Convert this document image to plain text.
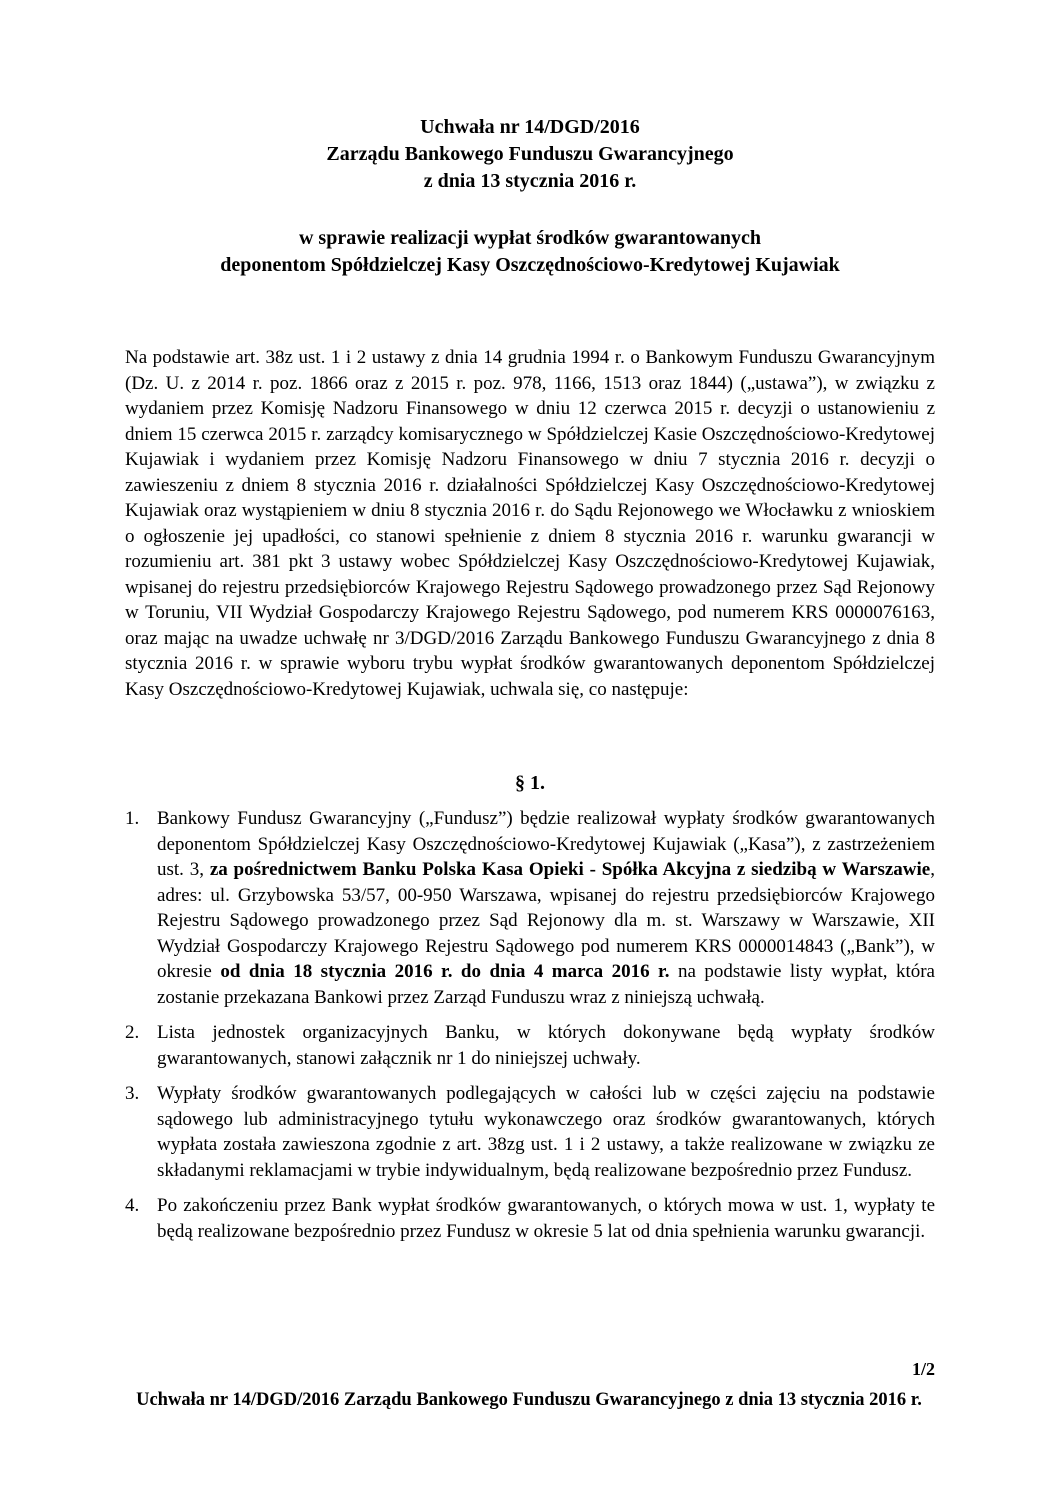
Uchwała nr 14/DGD/2016
Zarządu Bankowego Funduszu Gwarancyjnego
z dnia 13 stycznia 2016 r.
w sprawie realizacji wypłat środków gwarantowanych
deponentom Spółdzielczej Kasy Oszczędnościowo-Kredytowej Kujawiak

Na podstawie art. 38z ust. 1 i 2 ustawy z dnia 14 grudnia 1994 r. o Bankowym Funduszu Gwarancyjnym (Dz. U. z 2014 r. poz. 1866 oraz z 2015 r. poz. 978, 1166, 1513 oraz 1844) („ustawa”), w związku z wydaniem przez Komisję Nadzoru Finansowego w dniu 12 czerwca 2015 r. decyzji o ustanowieniu z dniem 15 czerwca 2015 r. zarządcy komisarycznego w Spółdzielczej Kasie Oszczędnościowo-Kredytowej Kujawiak i wydaniem przez Komisję Nadzoru Finansowego w dniu 7 stycznia 2016 r. decyzji o zawieszeniu z dniem 8 stycznia 2016 r. działalności Spółdzielczej Kasy Oszczędnościowo-Kredytowej Kujawiak oraz wystąpieniem w dniu 8 stycznia 2016 r. do Sądu Rejonowego we Włocławku z wnioskiem o ogłoszenie jej upadłości, co stanowi spełnienie z dniem 8 stycznia 2016 r. warunku gwarancji w rozumieniu art. 381 pkt 3 ustawy wobec Spółdzielczej Kasy Oszczędnościowo-Kredytowej Kujawiak, wpisanej do rejestru przedsiębiorców Krajowego Rejestru Sądowego prowadzonego przez Sąd Rejonowy w Toruniu, VII Wydział Gospodarczy Krajowego Rejestru Sądowego, pod numerem KRS 0000076163, oraz mając na uwadze uchwałę nr 3/DGD/2016 Zarządu Bankowego Funduszu Gwarancyjnego z dnia 8 stycznia 2016 r. w sprawie wyboru trybu wypłat środków gwarantowanych deponentom Spółdzielczej Kasy Oszczędnościowo-Kredytowej Kujawiak, uchwala się, co następuje:

§ 1.
1. Bankowy Fundusz Gwarancyjny („Fundusz”) będzie realizował wypłaty środków gwarantowanych deponentom Spółdzielczej Kasy Oszczędnościowo-Kredytowej Kujawiak („Kasa”), z zastrzeżeniem ust. 3, za pośrednictwem Banku Polska Kasa Opieki - Spółka Akcyjna z siedzibą w Warszawie, adres: ul. Grzybowska 53/57, 00-950 Warszawa, wpisanej do rejestru przedsiębiorców Krajowego Rejestru Sądowego prowadzonego przez Sąd Rejonowy dla m. st. Warszawy w Warszawie, XII Wydział Gospodarczy Krajowego Rejestru Sądowego pod numerem KRS 0000014843 („Bank”), w okresie od dnia 18 stycznia 2016 r. do dnia 4 marca 2016 r. na podstawie listy wypłat, która zostanie przekazana Bankowi przez Zarząd Funduszu wraz z niniejszą uchwałą.
2. Lista jednostek organizacyjnych Banku, w których dokonywane będą wypłaty środków gwarantowanych, stanowi załącznik nr 1 do niniejszej uchwały.
3. Wypłaty środków gwarantowanych podlegających w całości lub w części zajęciu na podstawie sądowego lub administracyjnego tytułu wykonawczego oraz środków gwarantowanych, których wypłata została zawieszona zgodnie z art. 38zg ust. 1 i 2 ustawy, a także realizowane w związku ze składanymi reklamacjami w trybie indywidualnym, będą realizowane bezpośrednio przez Fundusz.
4. Po zakończeniu przez Bank wypłat środków gwarantowanych, o których mowa w ust. 1, wypłaty te będą realizowane bezpośrednio przez Fundusz w okresie 5 lat od dnia spełnienia warunku gwarancji.
1/2
Uchwała nr 14/DGD/2016 Zarządu Bankowego Funduszu Gwarancyjnego z dnia 13 stycznia 2016 r.
